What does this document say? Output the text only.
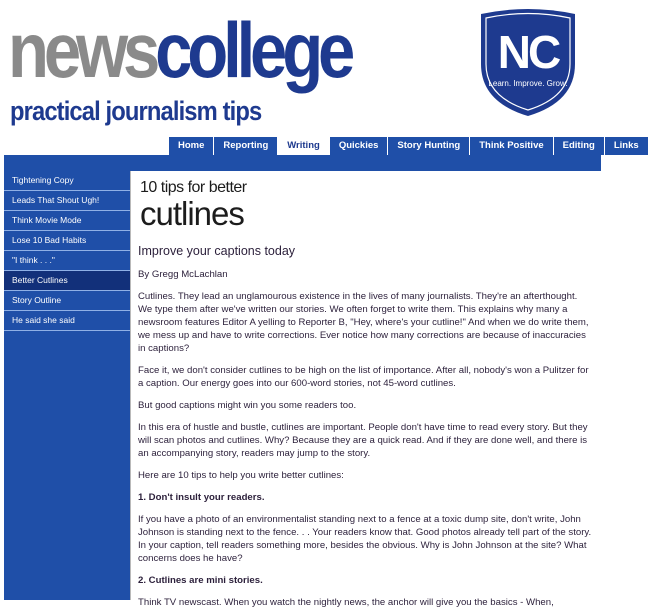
newscollege
practical journalism tips
NC
Learn. Improve. Grow.
Home	Reporting	Writing	Quickies	Story Hunting	Think Positive	Editing	Links
Tightening Copy
Leads That Shout Ugh!
Think Movie Mode
Lose 10 Bad Habits
"I think . . ."
Better Cutlines
Story Outline
He said she said
10 tips for better
cutlines
Improve your captions today

By Gregg McLachlan

Cutlines. They lead an unglamourous existence in the lives of many journalists. They're an afterthought. We type them after we've written our stories. We often forget to write them. This explains why many a newsroom features Editor A yelling to Reporter B, "Hey, where's your cutline!" And when we do write them, we mess up and have to write corrections. Ever notice how many corrections are because of inaccuracies in captions?

Face it, we don't consider cutlines to be high on the list of importance. After all, nobody's won a Pulitzer for a caption. Our energy goes into our 600-word stories, not 45-word cutlines.

But good captions might win you some readers too.

In this era of hustle and bustle, cutlines are important. People don't have time to read every story. But they will scan photos and cutlines. Why? Because they are a quick read. And if they are done well, and there is an accompanying story, readers may jump to the story.

Here are 10 tips to help you write better cutlines:

1. Don't insult your readers.

If you have a photo of an environmentalist standing next to a fence at a toxic dump site, don't write, John Johnson is standing next to the fence. . . Your readers know that. Good photos already tell part of the story. In your caption, tell readers something more, besides the obvious. Why is John Johnson at the site? What concerns does he have?

2. Cutlines are mini stories.

Think TV newscast. When you watch the nightly news, the anchor will give you the basics - When,
